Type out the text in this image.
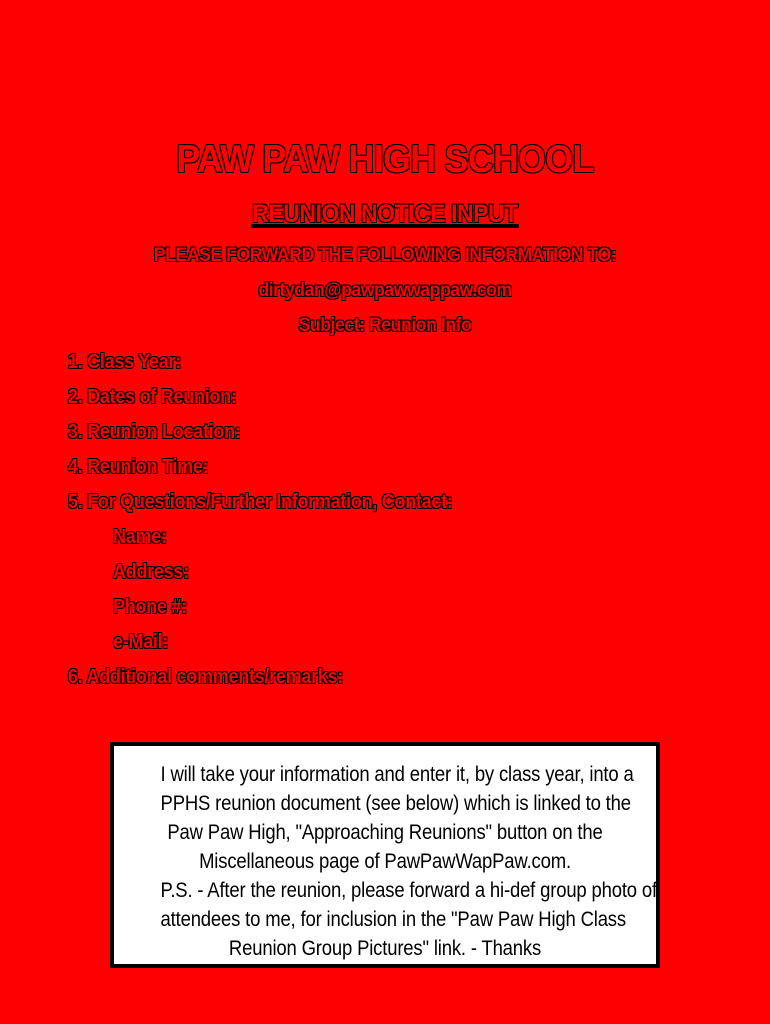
PAW PAW HIGH SCHOOL
REUNION NOTICE INPUT
PLEASE FORWARD THE FOLLOWING INFORMATION TO:
dirtydan@pawpawwappaw.com
Subject: Reunion Info
1. Class Year:
2. Dates of Reunion:
3. Reunion Location:
4. Reunion Time:
5. For Questions/Further Information, Contact:
Name:
Address:
Phone #:
e-Mail:
6. Additional comments/remarks:

I will take your information and enter it, by class year, into a

PPHS reunion document (see below) which is linked to the

Paw Paw High, "Approaching Reunions" button on the

Miscellaneous page of PawPawWapPaw.com.

P.S. - After the reunion, please forward a hi-def group photo of

attendees to me, for inclusion in the "Paw Paw High Class

Reunion Group Pictures" link. - Thanks
